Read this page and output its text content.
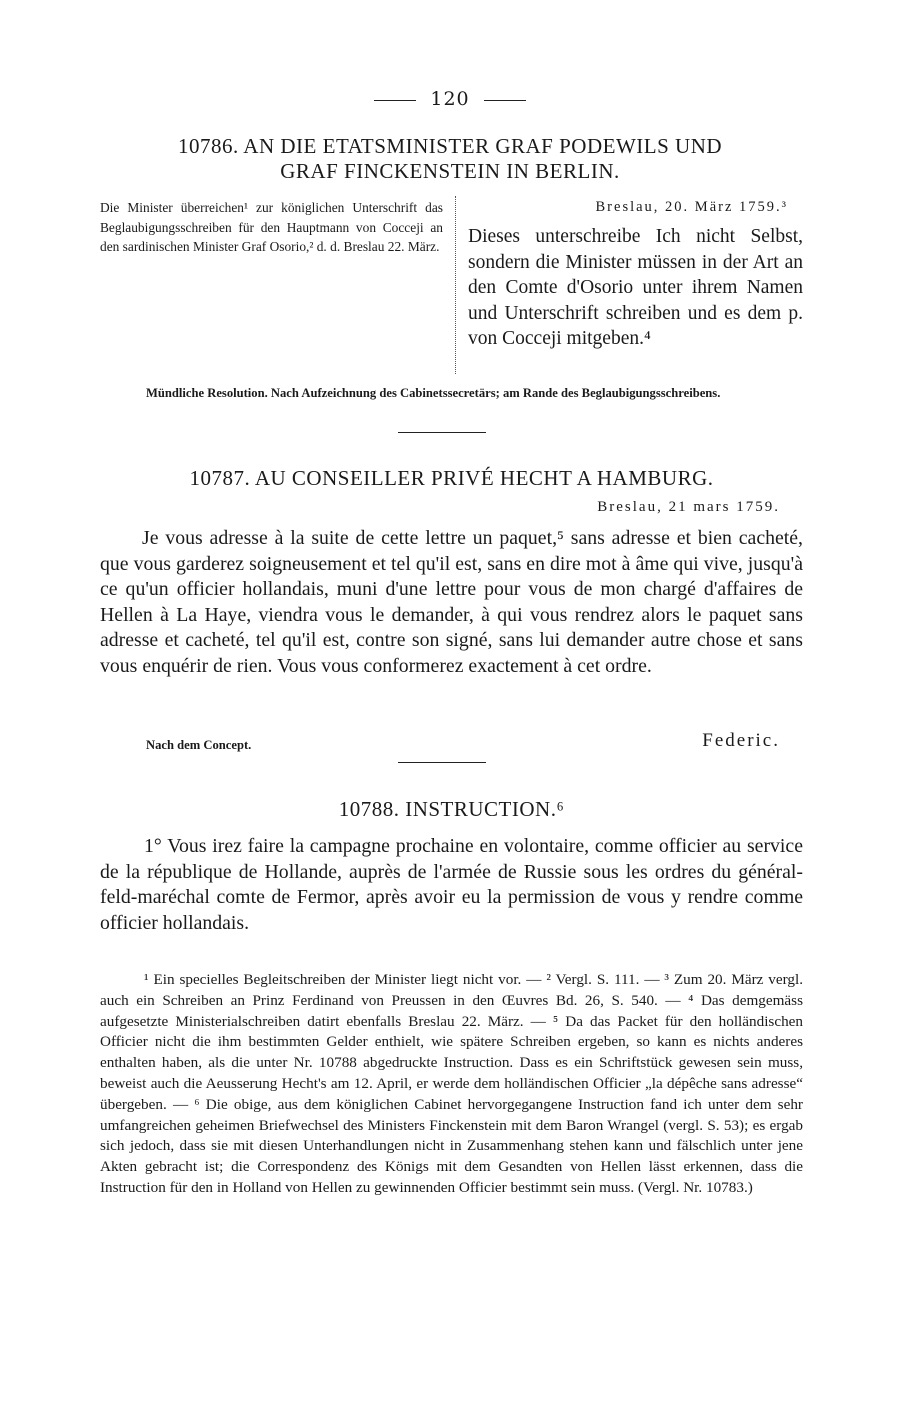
120
10786. AN DIE ETATSMINISTER GRAF PODEWILS UND
GRAF FINCKENSTEIN IN BERLIN.
Die Minister überreichen¹ zur königlichen Unterschrift das Beglaubigungsschreiben für den Hauptmann von Cocceji an den sardinischen Minister Graf Osorio,² d. d. Breslau 22. März.
Breslau, 20. März 1759.³
Dieses unterschreibe Ich nicht Selbst, sondern die Minister müssen in der Art an den Comte d'Osorio unter ihrem Namen und Unterschrift schreiben und es dem p. von Cocceji mitgeben.⁴
Mündliche Resolution. Nach Aufzeichnung des Cabinetssecretärs; am Rande des Beglaubigungsschreibens.
10787. AU CONSEILLER PRIVÉ HECHT A HAMBURG.
Breslau, 21 mars 1759.
Je vous adresse à la suite de cette lettre un paquet,⁵ sans adresse et bien cacheté, que vous garderez soigneusement et tel qu'il est, sans en dire mot à âme qui vive, jusqu'à ce qu'un officier hollandais, muni d'une lettre pour vous de mon chargé d'affaires de Hellen à La Haye, viendra vous le demander, à qui vous rendrez alors le paquet sans adresse et cacheté, tel qu'il est, contre son signé, sans lui demander autre chose et sans vous enquérir de rien. Vous vous conformerez exactement à cet ordre.
Nach dem Concept.	Federic.
10788. INSTRUCTION.⁶
1° Vous irez faire la campagne prochaine en volontaire, comme officier au service de la république de Hollande, auprès de l'armée de Russie sous les ordres du général-feld-maréchal comte de Fermor, après avoir eu la permission de vous y rendre comme officier hollandais.
¹ Ein specielles Begleitschreiben der Minister liegt nicht vor. — ² Vergl. S. 111. — ³ Zum 20. März vergl. auch ein Schreiben an Prinz Ferdinand von Preussen in den Œuvres Bd. 26, S. 540. — ⁴ Das demgemäss aufgesetzte Ministerialschreiben datirt ebenfalls Breslau 22. März. — ⁵ Da das Packet für den holländischen Officier nicht die ihm bestimmten Gelder enthielt, wie spätere Schreiben ergeben, so kann es nichts anderes enthalten haben, als die unter Nr. 10788 abgedruckte Instruction. Dass es ein Schriftstück gewesen sein muss, beweist auch die Aeusserung Hecht's am 12. April, er werde dem holländischen Officier „la dépêche sans adresse“ übergeben. — ⁶ Die obige, aus dem königlichen Cabinet hervorgegangene Instruction fand ich unter dem sehr umfangreichen geheimen Briefwechsel des Ministers Finckenstein mit dem Baron Wrangel (vergl. S. 53); es ergab sich jedoch, dass sie mit diesen Unterhandlungen nicht in Zusammenhang stehen kann und fälschlich unter jene Akten gebracht ist; die Correspondenz des Königs mit dem Gesandten von Hellen lässt erkennen, dass die Instruction für den in Holland von Hellen zu gewinnenden Officier bestimmt sein muss. (Vergl. Nr. 10783.)
